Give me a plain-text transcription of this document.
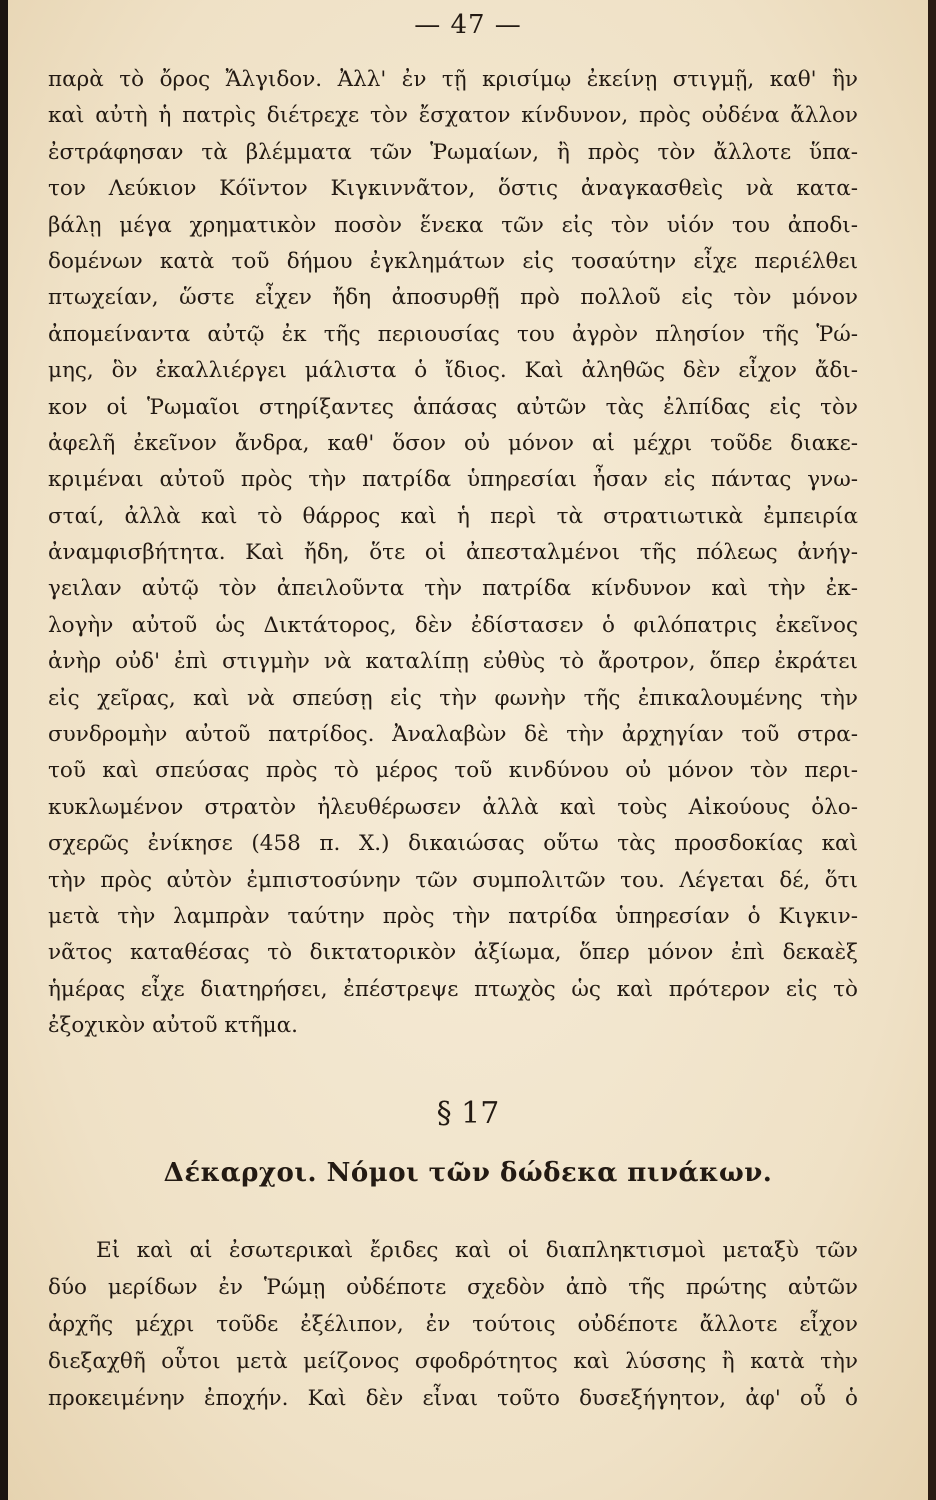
— 47 —
παρὰ τὸ ὄρος Ἄλγιδον. Ἀλλ' ἐν τῇ κρισίμῳ ἐκείνῃ στιγμῇ, καθ' ἣν
καὶ αὐτὴ ἡ πατρὶς διέτρεχε τὸν ἔσχατον κίνδυνον, πρὸς οὐδένα ἄλλον
ἐστράφησαν τὰ βλέμματα τῶν Ῥωμαίων, ἢ πρὸς τὸν ἄλλοτε ὕπα-
τον Λεύκιον Κόϊντον Κιγκιννᾶτον, ὅστις ἀναγκασθεὶς νὰ κατα-
βάλῃ μέγα χρηματικὸν ποσὸν ἕνεκα τῶν εἰς τὸν υἱόν του ἀποδι-
δομένων κατὰ τοῦ δήμου ἐγκλημάτων εἰς τοσαύτην εἶχε περιέλθει
πτωχείαν, ὥστε εἶχεν ἤδη ἀποσυρθῇ πρὸ πολλοῦ εἰς τὸν μόνον
ἀπομείναντα αὐτῷ ἐκ τῆς περιουσίας του ἀγρὸν πλησίον τῆς Ῥώ-
μης, ὃν ἐκαλλιέργει μάλιστα ὁ ἴδιος. Καὶ ἀληθῶς δὲν εἶχον ἄδι-
κον οἱ Ῥωμαῖοι στηρίξαντες ἁπάσας αὐτῶν τὰς ἐλπίδας εἰς τὸν
ἀφελῆ ἐκεῖνον ἄνδρα, καθ' ὅσον οὐ μόνον αἱ μέχρι τοῦδε διακε-
κριμέναι αὐτοῦ πρὸς τὴν πατρίδα ὑπηρεσίαι ἦσαν εἰς πάντας γνω-
σταί, ἀλλὰ καὶ τὸ θάρρος καὶ ἡ περὶ τὰ στρατιωτικὰ ἐμπειρία
ἀναμφισβήτητα. Καὶ ἤδη, ὅτε οἱ ἀπεσταλμένοι τῆς πόλεως ἀνήγ-
γειλαν αὐτῷ τὸν ἀπειλοῦντα τὴν πατρίδα κίνδυνον καὶ τὴν ἐκ-
λογὴν αὐτοῦ ὡς Δικτάτορος, δὲν ἐδίστασεν ὁ φιλόπατρις ἐκεῖνος
ἀνὴρ οὐδ' ἐπὶ στιγμὴν νὰ καταλίπῃ εὐθὺς τὸ ἄροτρον, ὅπερ ἐκράτει
εἰς χεῖρας, καὶ νὰ σπεύσῃ εἰς τὴν φωνὴν τῆς ἐπικαλουμένης τὴν
συνδρομὴν αὐτοῦ πατρίδος. Ἀναλαβὼν δὲ τὴν ἀρχηγίαν τοῦ στρα-
τοῦ καὶ σπεύσας πρὸς τὸ μέρος τοῦ κινδύνου οὐ μόνον τὸν περι-
κυκλωμένον στρατὸν ἠλευθέρωσεν ἀλλὰ καὶ τοὺς Αἰκούους ὁλο-
σχερῶς ἐνίκησε (458 π. Χ.) δικαιώσας οὕτω τὰς προσδοκίας καὶ
τὴν πρὸς αὐτὸν ἐμπιστοσύνην τῶν συμπολιτῶν του. Λέγεται δέ, ὅτι
μετὰ τὴν λαμπρὰν ταύτην πρὸς τὴν πατρίδα ὑπηρεσίαν ὁ Κιγκιν-
νᾶτος καταθέσας τὸ δικτατορικὸν ἀξίωμα, ὅπερ μόνον ἐπὶ δεκαὲξ
ἡμέρας εἶχε διατηρήσει, ἐπέστρεψε πτωχὸς ὡς καὶ πρότερον εἰς τὸ
ἐξοχικὸν αὐτοῦ κτῆμα.
§ 17
Δέκαρχοι. Νόμοι τῶν δώδεκα πινάκων.
Εἰ καὶ αἱ ἐσωτερικαὶ ἔριδες καὶ οἱ διαπληκτισμοὶ μεταξὺ τῶν
δύο μερίδων ἐν Ῥώμῃ οὐδέποτε σχεδὸν ἀπὸ τῆς πρώτης αὐτῶν
ἀρχῆς μέχρι τοῦδε ἐξέλιπον, ἐν τούτοις οὐδέποτε ἄλλοτε εἶχον
διεξαχθῆ οὗτοι μετὰ μείζονος σφοδρότητος καὶ λύσσης ἢ κατὰ τὴν
προκειμένην ἐποχήν. Καὶ δὲν εἶναι τοῦτο δυσεξήγητον, ἀφ' οὗ ὁ
